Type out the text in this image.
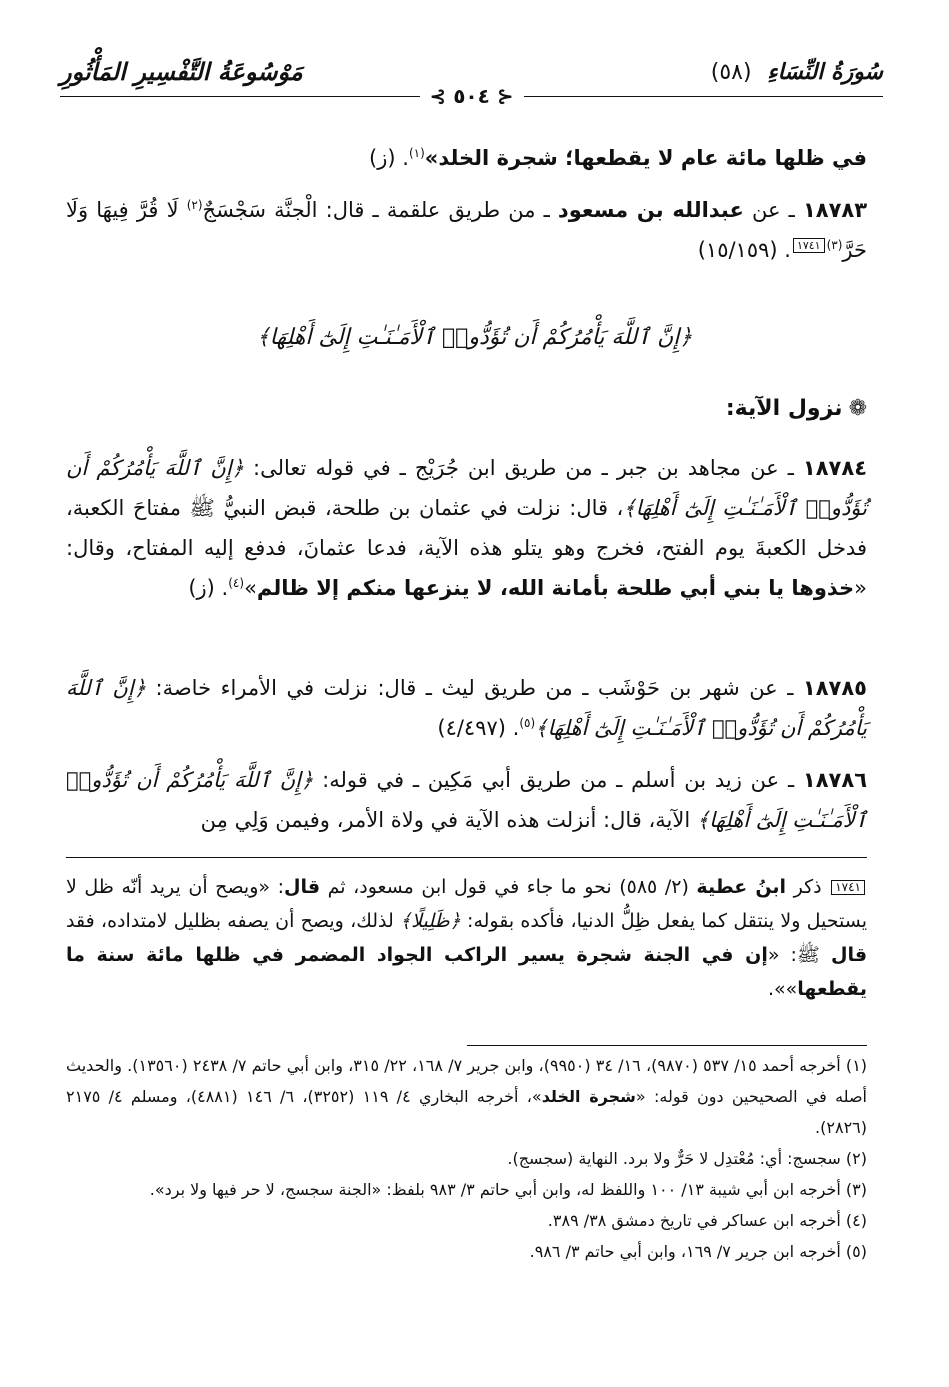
سُورَةُ النِّسَاءِ (٥٨)
مَوْسُوعَةُ التَّفْسِيرِ المَأْثُورِ
⊰ ٥٠٤ ⊱
في ظلها مائة عام لا يقطعها؛ شجرة الخلد»$^{(١)}$. (ز)
١٨٧٨٣ ـ عن عبدالله بن مسعود ـ من طريق علقمة ـ قال: الْجنَّة سَجْسَجٌ$^{(٢)}$ لَا قُرَّ فِيهَا وَلَا حَرَّ$^{(٣)}$١٧٤١. (١٥/١٥٩)
﴿إِنَّ ٱللَّهَ يَأْمُرُكُمْ أَن تُؤَدُّوا۟ ٱلْأَمَـٰنَـٰتِ إِلَىٰٓ أَهْلِهَا﴾
❁نزول الآية:
١٨٧٨٤ ـ عن مجاهد بن جبر ـ من طريق ابن جُرَيْج ـ في قوله تعالى: ﴿إِنَّ ٱللَّهَ يَأْمُرُكُمْ أَن تُؤَدُّوا۟ ٱلْأَمَـٰنَـٰتِ إِلَىٰٓ أَهْلِهَا﴾، قال: نزلت في عثمان بن طلحة، قبض النبيُّ ﷺ مفتاحَ الكعبة، فدخل الكعبةَ يوم الفتح، فخرج وهو يتلو هذه الآية، فدعا عثمانَ، فدفع إليه المفتاح، وقال: «خذوها يا بني أبي طلحة بأمانة الله، لا ينزعها منكم إلا ظالم»$^{(٤)}$. (ز)
١٨٧٨٥ ـ عن شهر بن حَوْشَب ـ من طريق ليث ـ قال: نزلت في الأمراء خاصة: ﴿إِنَّ ٱللَّهَ يَأْمُرُكُمْ أَن تُؤَدُّوا۟ ٱلْأَمَـٰنَـٰتِ إِلَىٰٓ أَهْلِهَا﴾$^{(٥)}$. (٤/٤٩٧)
١٨٧٨٦ ـ عن زيد بن أسلم ـ من طريق أبي مَكِين ـ في قوله: ﴿إِنَّ ٱللَّهَ يَأْمُرُكُمْ أَن تُؤَدُّوا۟ ٱلْأَمَـٰنَـٰتِ إِلَىٰٓ أَهْلِهَا﴾ الآية، قال: أنزلت هذه الآية في ولاة الأمر، وفيمن وَلِي مِن
١٧٤١ ذكر ابنُ عطية (٢/ ٥٨٥) نحو ما جاء في قول ابن مسعود، ثم قال: «ويصح أن يريد أنّه ظل لا يستحيل ولا ينتقل كما يفعل ظِلُّ الدنيا، فأكده بقوله: ﴿ظَلِيلًا﴾ لذلك، ويصح أن يصفه بظليل لامتداده، فقد قال ﷺ: «إن في الجنة شجرة يسير الراكب الجواد المضمر في ظلها مائة سنة ما يقطعها»».

(١) أخرجه أحمد ١٥/ ٥٣٧ (٩٨٧٠)، ١٦/ ٣٤ (٩٩٥٠)، وابن جرير ٧/ ١٦٨، ٢٢/ ٣١٥، وابن أبي حاتم ٧/ ٢٤٣٨ (١٣٥٦٠). والحديث أصله في الصحيحين دون قوله: «شجرة الخلد»، أخرجه البخاري ٤/ ١١٩ (٣٢٥٢)، ٦/ ١٤٦ (٤٨٨١)، ومسلم ٤/ ٢١٧٥ (٢٨٢٦).

(٢) سجسج: أي: مُعْتدِل لا حَرٌّ ولا برد. النهاية (سجسج).

(٣) أخرجه ابن أبي شيبة ١٣/ ١٠٠ واللفظ له، وابن أبي حاتم ٣/ ٩٨٣ بلفظ: «الجنة سجسج، لا حر فيها ولا برد».

(٤) أخرجه ابن عساكر في تاريخ دمشق ٣٨/ ٣٨٩.

(٥) أخرجه ابن جرير ٧/ ١٦٩، وابن أبي حاتم ٣/ ٩٨٦.
